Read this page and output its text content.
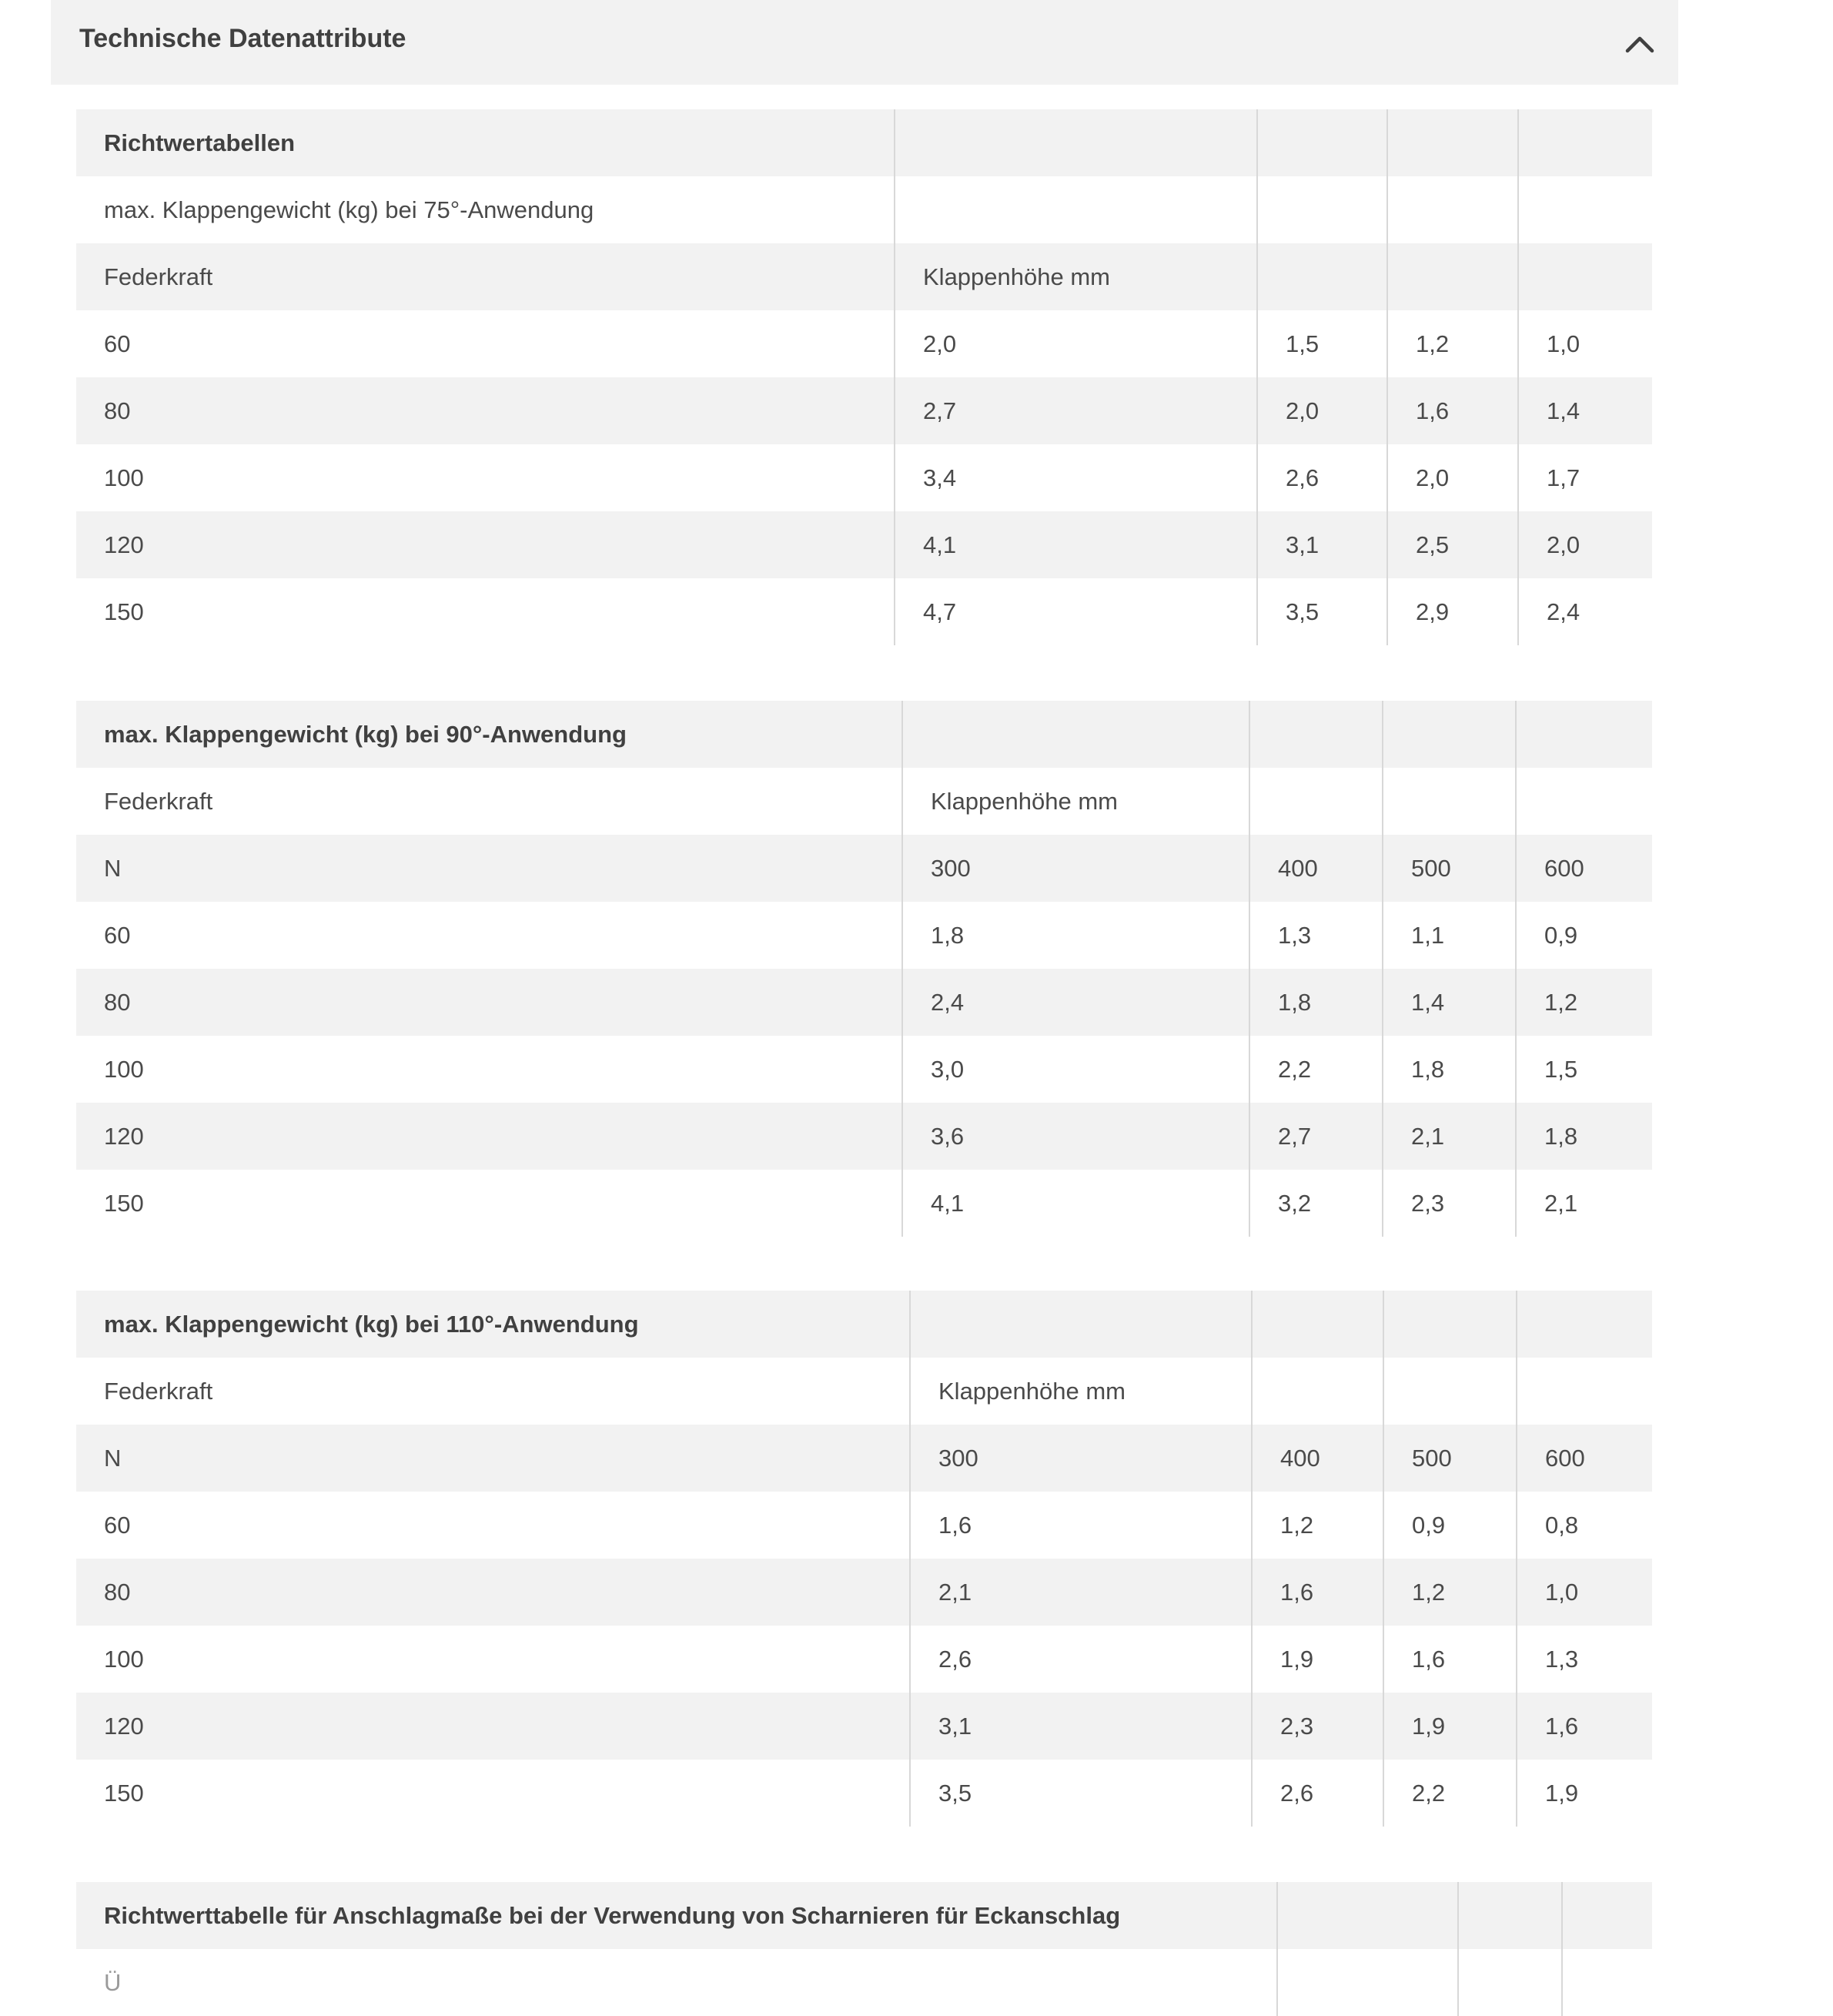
Technische Datenattribute
Richtwertabellen				
max. Klappengewicht (kg) bei 75°-Anwendung				
Federkraft	Klappenhöhe mm			
60	2,0	1,5	1,2	1,0
80	2,7	2,0	1,6	1,4
100	3,4	2,6	2,0	1,7
120	4,1	3,1	2,5	2,0
150	4,7	3,5	2,9	2,4
max. Klappengewicht (kg) bei 90°-Anwendung				
Federkraft	Klappenhöhe mm			
N	300	400	500	600
60	1,8	1,3	1,1	0,9
80	2,4	1,8	1,4	1,2
100	3,0	2,2	1,8	1,5
120	3,6	2,7	2,1	1,8
150	4,1	3,2	2,3	2,1
max. Klappengewicht (kg) bei 110°-Anwendung				
Federkraft	Klappenhöhe mm			
N	300	400	500	600
60	1,6	1,2	0,9	0,8
80	2,1	1,6	1,2	1,0
100	2,6	1,9	1,6	1,3
120	3,1	2,3	1,9	1,6
150	3,5	2,6	2,2	1,9
Richtwerttabelle für Anschlagmaße bei der Verwendung von Scharnieren für Eckanschlag			
Ü			
